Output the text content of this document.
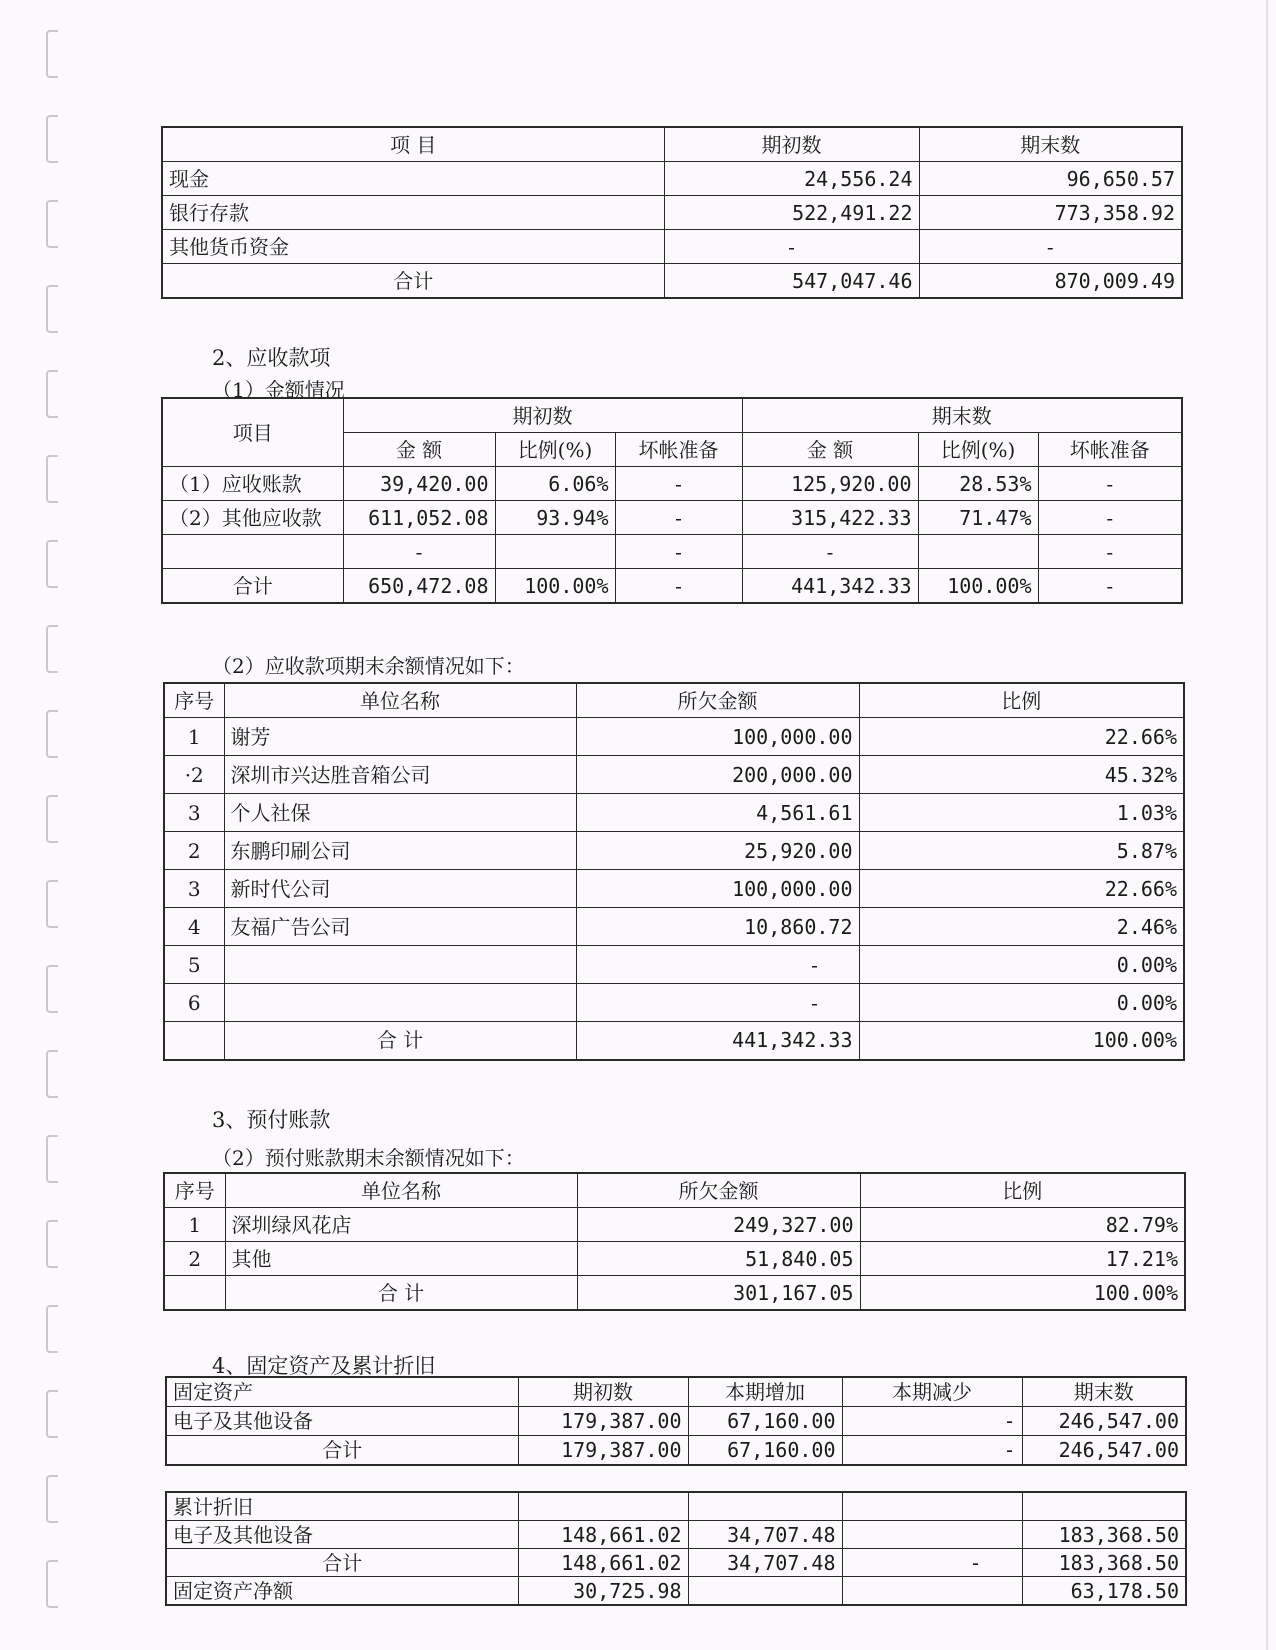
项 目	期初数	期末数
现金	24,556.24	96,650.57
银行存款	522,491.22	773,358.92
其他货币资金	-	-
合计	547,047.46	870,009.49
2、应收款项
（1）金额情况
项目	期初数			期末数		
	金 额	比例(%)	坏帐准备	金 额	比例(%)	坏帐准备
（1）应收账款	39,420.00	6.06%	-	125,920.00	28.53%	-
（2）其他应收款	611,052.08	93.94%	-	315,422.33	71.47%	-
	-		-	-		-
合计	650,472.08	100.00%	-	441,342.33	100.00%	-
（2）应收款项期末余额情况如下：
序号	单位名称	所欠金额	比例
1	谢芳	100,000.00	22.66%
·2	深圳市兴达胜音箱公司	200,000.00	45.32%
3	个人社保	4,561.61	1.03%
2	东鹏印刷公司	25,920.00	5.87%
3	新时代公司	100,000.00	22.66%
4	友福广告公司	10,860.72	2.46%
5		-	0.00%
6		-	0.00%
	合 计	441,342.33	100.00%
3、预付账款
（2）预付账款期末余额情况如下：
序号	单位名称	所欠金额	比例
1	深圳绿风花店	249,327.00	82.79%
2	其他	51,840.05	17.21%
	合 计	301,167.05	100.00%
4、固定资产及累计折旧
固定资产	期初数	本期增加	本期减少	期末数
电子及其他设备	179,387.00	67,160.00	-	246,547.00
合计	179,387.00	67,160.00	-	246,547.00
累计折旧				
电子及其他设备	148,661.02	34,707.48		183,368.50
合计	148,661.02	34,707.48	-	183,368.50
固定资产净额	30,725.98			63,178.50
